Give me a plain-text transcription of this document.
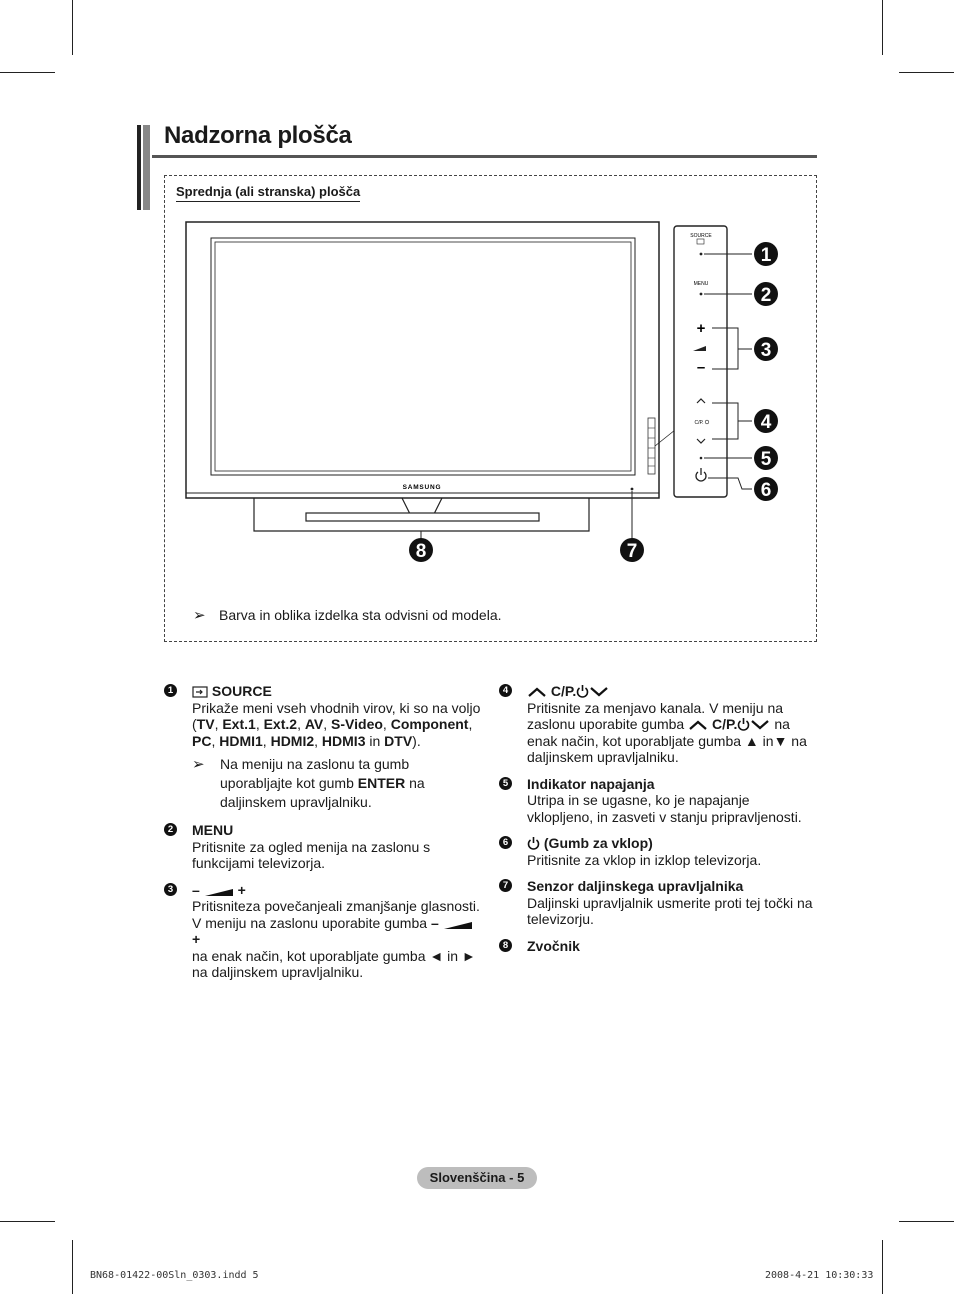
Nadzorna plošča
Sprednja (ali stranska) plošča
SAMSUNG
SOURCE
MENU
+
–
C/P.
1
2
3
4
5
6
7
8
➢ Barva in oblika izdelka sta odvisni od modela.
1	SOURCE
Prikaže meni vseh vhodnih virov, ki so na voljo (TV, Ext.1, Ext.2, AV, S-Video, Component, PC, HDMI1, HDMI2, HDMI3 in DTV).
➢ Na meniju na zaslonu ta gumb uporabljajte kot gumb ENTER na daljinskem upravljalniku.
2 MENU
Pritisnite za ogled menija na zaslonu s funkcijami televizorja.
3 –	+
Pritisniteza povečanjeali zmanjšanje glasnosti.
V meniju na zaslonu uporabite gumba –  +
na enak način, kot uporabljate gumba ◄ in ►
na daljinskem upravljalniku.
4	C/P.
Pritisnite za menjavo kanala. V meniju na
zaslonu uporabite gumba  C/P. na
enak način, kot uporabljate gumba ▲ in▼ na
daljinskem upravljalniku.
5 Indikator napajanja
Utripa in se ugasne, ko je napajanje vklopljeno, in zasveti v stanju pripravljenosti.
6	(Gumb za vklop)
Pritisnite za vklop in izklop televizorja.
7 Senzor daljinskega upravljalnika
Daljinski upravljalnik usmerite proti tej točki na televizorju.
8 Zvočnik
Slovenščina - 5
BN68-01422-00Sln_0303.indd 5	2008-4-21 10:30:33
